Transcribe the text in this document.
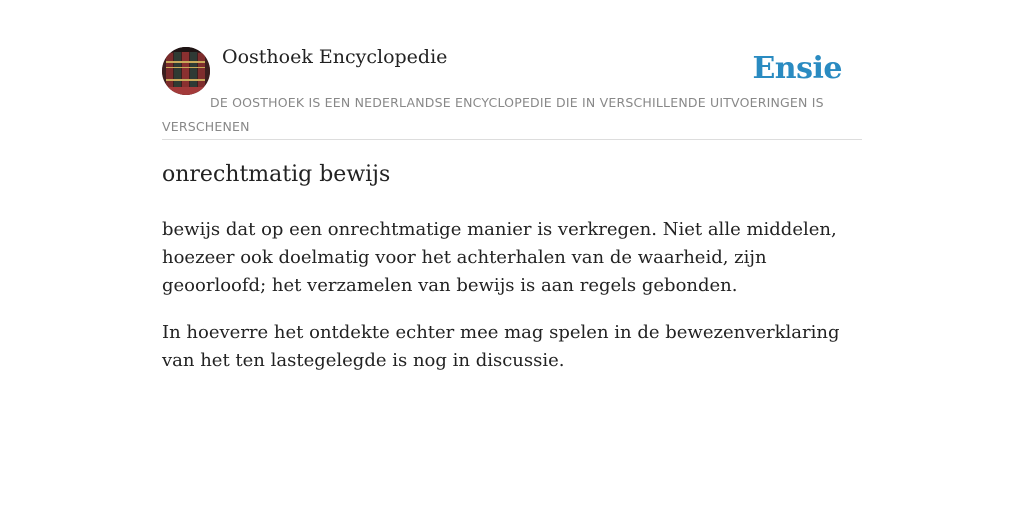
Oosthoek Encyclopedie	Ensie

DE OOSTHOEK IS EEN NEDERLANDSE ENCYCLOPEDIE DIE IN VERSCHILLENDE UITVOERINGEN IS VERSCHENEN

onrechtmatig bewijs

bewijs dat op een onrechtmatige manier is verkregen. Niet alle middelen, hoezeer ook doelmatig voor het achterhalen van de waarheid, zijn geoorloofd; het verzamelen van bewijs is aan regels gebonden.

In hoeverre het ontdekte echter mee mag spelen in de bewezenverklaring van het ten lastegelegde is nog in discussie.
